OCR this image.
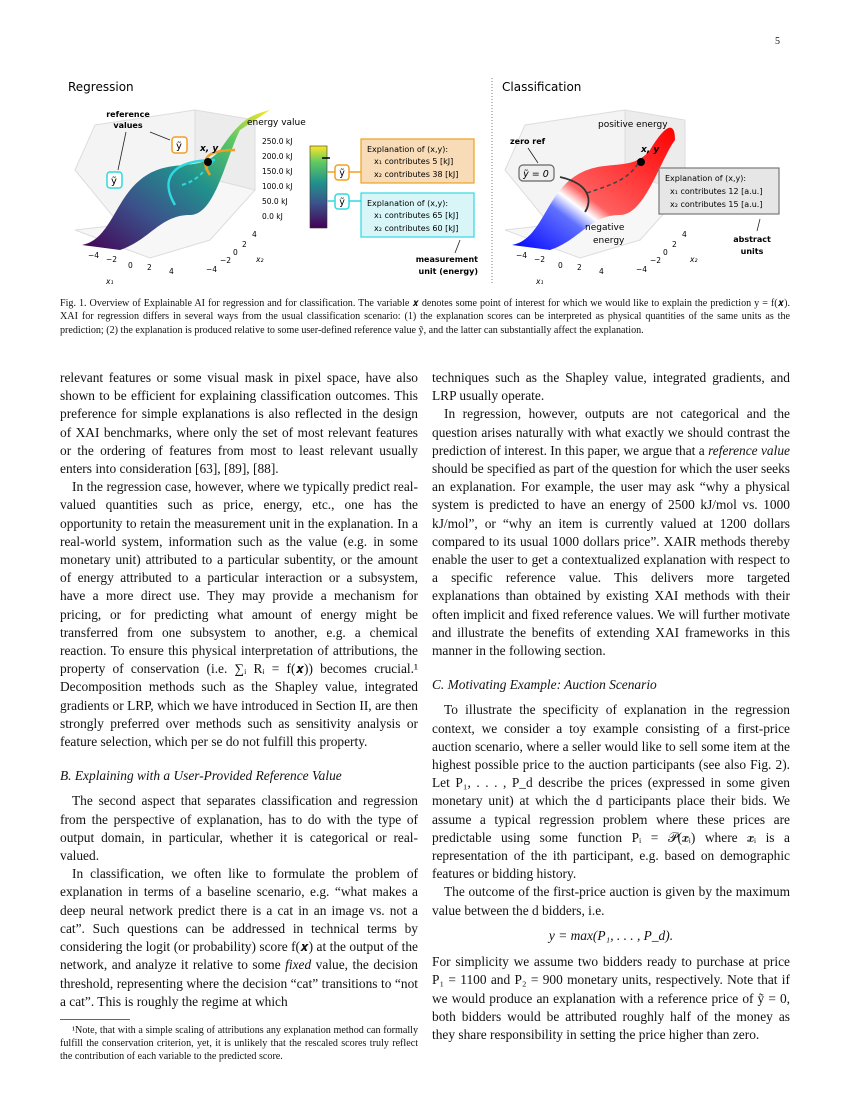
5
Regression
x, y
reference
values
ỹ
ỹ
energy value
250.0 kJ
200.0 kJ
150.0 kJ
100.0 kJ
50.0 kJ
0.0 kJ
−4 −2
0 2 4
x₁
4
2
0
−2
−4
x₂
ỹ
ỹ
Explanation of (x,y):
x₁ contributes 5 [kJ]
x₂ contributes 38 [kJ]
Explanation of (x,y):
x₁ contributes 65 [kJ]
x₂ contributes 60 [kJ]
measurement
unit (energy)
Classification
x, y
positive energy
negative
energy
zero ref
ỹ = 0	Explanation of (x,y):
x₁ contributes 12 [a.u.]
x₂ contributes 15 [a.u.]
abstract
units
−4 −2
0 2 4
x₁
4
2
0
−2
−4
x₂
Fig. 1. Overview of Explainable AI for regression and for classification. The variable 𝒙 denotes some point of interest for which we would like to explain the prediction y = f(𝒙). XAI for regression differs in several ways from the usual classification scenario: (1) the explanation scores can be interpreted as physical quantities of the same units as the prediction; (2) the explanation is produced relative to some user-defined reference value ỹ, and the latter can substantially affect the explanation.

relevant features or some visual mask in pixel space, have also shown to be efficient for explaining classification outcomes. This preference for simple explanations is also reflected in the design of XAI benchmarks, where only the set of most relevant features or the ordering of features from most to least relevant usually enters into consideration [63], [89], [88].

In the regression case, however, where we typically predict real-valued quantities such as price, energy, etc., one has the opportunity to retain the measurement unit in the explanation. In a real-world system, information such as the value (e.g. in some monetary unit) attributed to a particular subentity, or the amount of energy attributed to a particular interaction or a subsystem, have a more direct use. They may provide a mechanism for pricing, or for predicting what amount of energy might be transferred from one subsystem to another, e.g. a chemical reaction. To ensure this physical interpretation of attributions, the property of conservation (i.e. ∑ᵢ Rᵢ = f(𝒙)) becomes crucial.¹ Decomposition methods such as the Shapley value, integrated gradients or LRP, which we have introduced in Section II, are then strongly preferred over methods such as sensitivity analysis or feature selection, which per se do not fulfill this property.

B. Explaining with a User-Provided Reference Value

The second aspect that separates classification and regression from the perspective of explanation, has to do with the type of output domain, in particular, whether it is categorical or real-valued.

In classification, we often like to formulate the problem of explanation in terms of a baseline scenario, e.g. “what makes a deep neural network predict there is a cat in an image vs. not a cat”. Such questions can be addressed in technical terms by considering the logit (or probability) score f(𝒙) at the output of the network, and analyze it relative to some fixed value, the decision threshold, representing where the decision “cat” transitions to “not a cat”. This is roughly the regime at which

techniques such as the Shapley value, integrated gradients, and LRP usually operate.

In regression, however, outputs are not categorical and the question arises naturally with what exactly we should contrast the prediction of interest. In this paper, we argue that a reference value should be specified as part of the question for which the user seeks an explanation. For example, the user may ask “why a physical system is predicted to have an energy of 2500 kJ/mol vs. 1000 kJ/mol”, or “why an item is currently valued at 1200 dollars compared to its usual 1000 dollars price”. XAIR methods thereby enable the user to get a contextualized explanation with respect to a specific reference value. This delivers more targeted explanations than obtained by existing XAI methods with their often implicit and fixed reference values. We will further motivate and illustrate the benefits of extending XAI frameworks in this manner in the following section.

C. Motivating Example: Auction Scenario

To illustrate the specificity of explanation in the regression context, we consider a toy example consisting of a first-price auction scenario, where a seller would like to sell some item at the highest possible price to the auction participants (see also Fig. 2). Let P₁, . . . , P_d describe the prices (expressed in some given monetary unit) at which the d participants place their bids. We assume a typical regression problem where these prices are predictable using some function Pᵢ = 𝒫(𝒙ᵢ) where 𝒙ᵢ is a representation of the ith participant, e.g. based on demographic features or bidding history.

The outcome of the first-price auction is given by the maximum value between the d bidders, i.e.

y = max(P₁, . . . , P_d).

For simplicity we assume two bidders ready to purchase at price P₁ = 1100 and P₂ = 900 monetary units, respectively. Note that if we would produce an explanation with a reference price of ỹ = 0, both bidders would be attributed roughly half of the money as they share responsibility in setting the price higher than zero.

¹Note, that with a simple scaling of attributions any explanation method can formally fulfill the conservation criterion, yet, it is unlikely that the rescaled scores truly reflect the contribution of each variable to the predicted score.
